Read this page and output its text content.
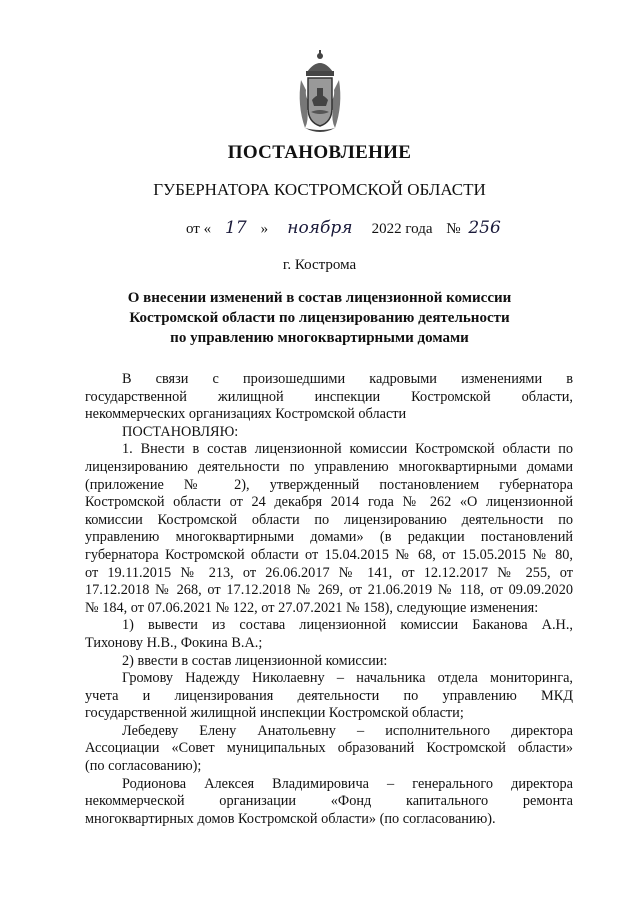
ПОСТАНОВЛЕНИЕ
ГУБЕРНАТОРА КОСТРОМСКОЙ ОБЛАСТИ
от « 17 » ноября 2022 года № 256
г. Кострома
О внесении изменений в состав лицензионной комиссии
Костромской области по лицензированию деятельности
по управлению многоквартирными домами

В связи с произошедшими кадровыми изменениями в

государственной жилищной инспекции Костромской области,

некоммерческих организациях Костромской области

ПОСТАНОВЛЯЮ:

1. Внести в состав лицензионной комиссии Костромской области по

лицензированию деятельности по управлению многоквартирными домами

(приложение № 2), утвержденный постановлением губернатора

Костромской области от 24 декабря 2014 года № 262 «О лицензионной

комиссии Костромской области по лицензированию деятельности по

управлению многоквартирными домами» (в редакции постановлений

губернатора Костромской области от 15.04.2015 № 68, от 15.05.2015 № 80,

от 19.11.2015 № 213, от 26.06.2017 № 141, от 12.12.2017 № 255, от

17.12.2018 № 268, от 17.12.2018 № 269, от 21.06.2019 № 118, от 09.09.2020

№ 184, от 07.06.2021 № 122, от 27.07.2021 № 158), следующие изменения:

1) вывести из состава лицензионной комиссии Баканова А.Н.,

Тихонову Н.В., Фокина В.А.;

2) ввести в состав лицензионной комиссии:

Громову Надежду Николаевну – начальника отдела мониторинга,

учета и лицензирования деятельности по управлению МКД

государственной жилищной инспекции Костромской области;

Лебедеву Елену Анатольевну – исполнительного директора

Ассоциации «Совет муниципальных образований Костромской области»

(по согласованию);

Родионова Алексея Владимировича – генерального директора

некоммерческой организации «Фонд капитального ремонта

многоквартирных домов Костромской области» (по согласованию).
